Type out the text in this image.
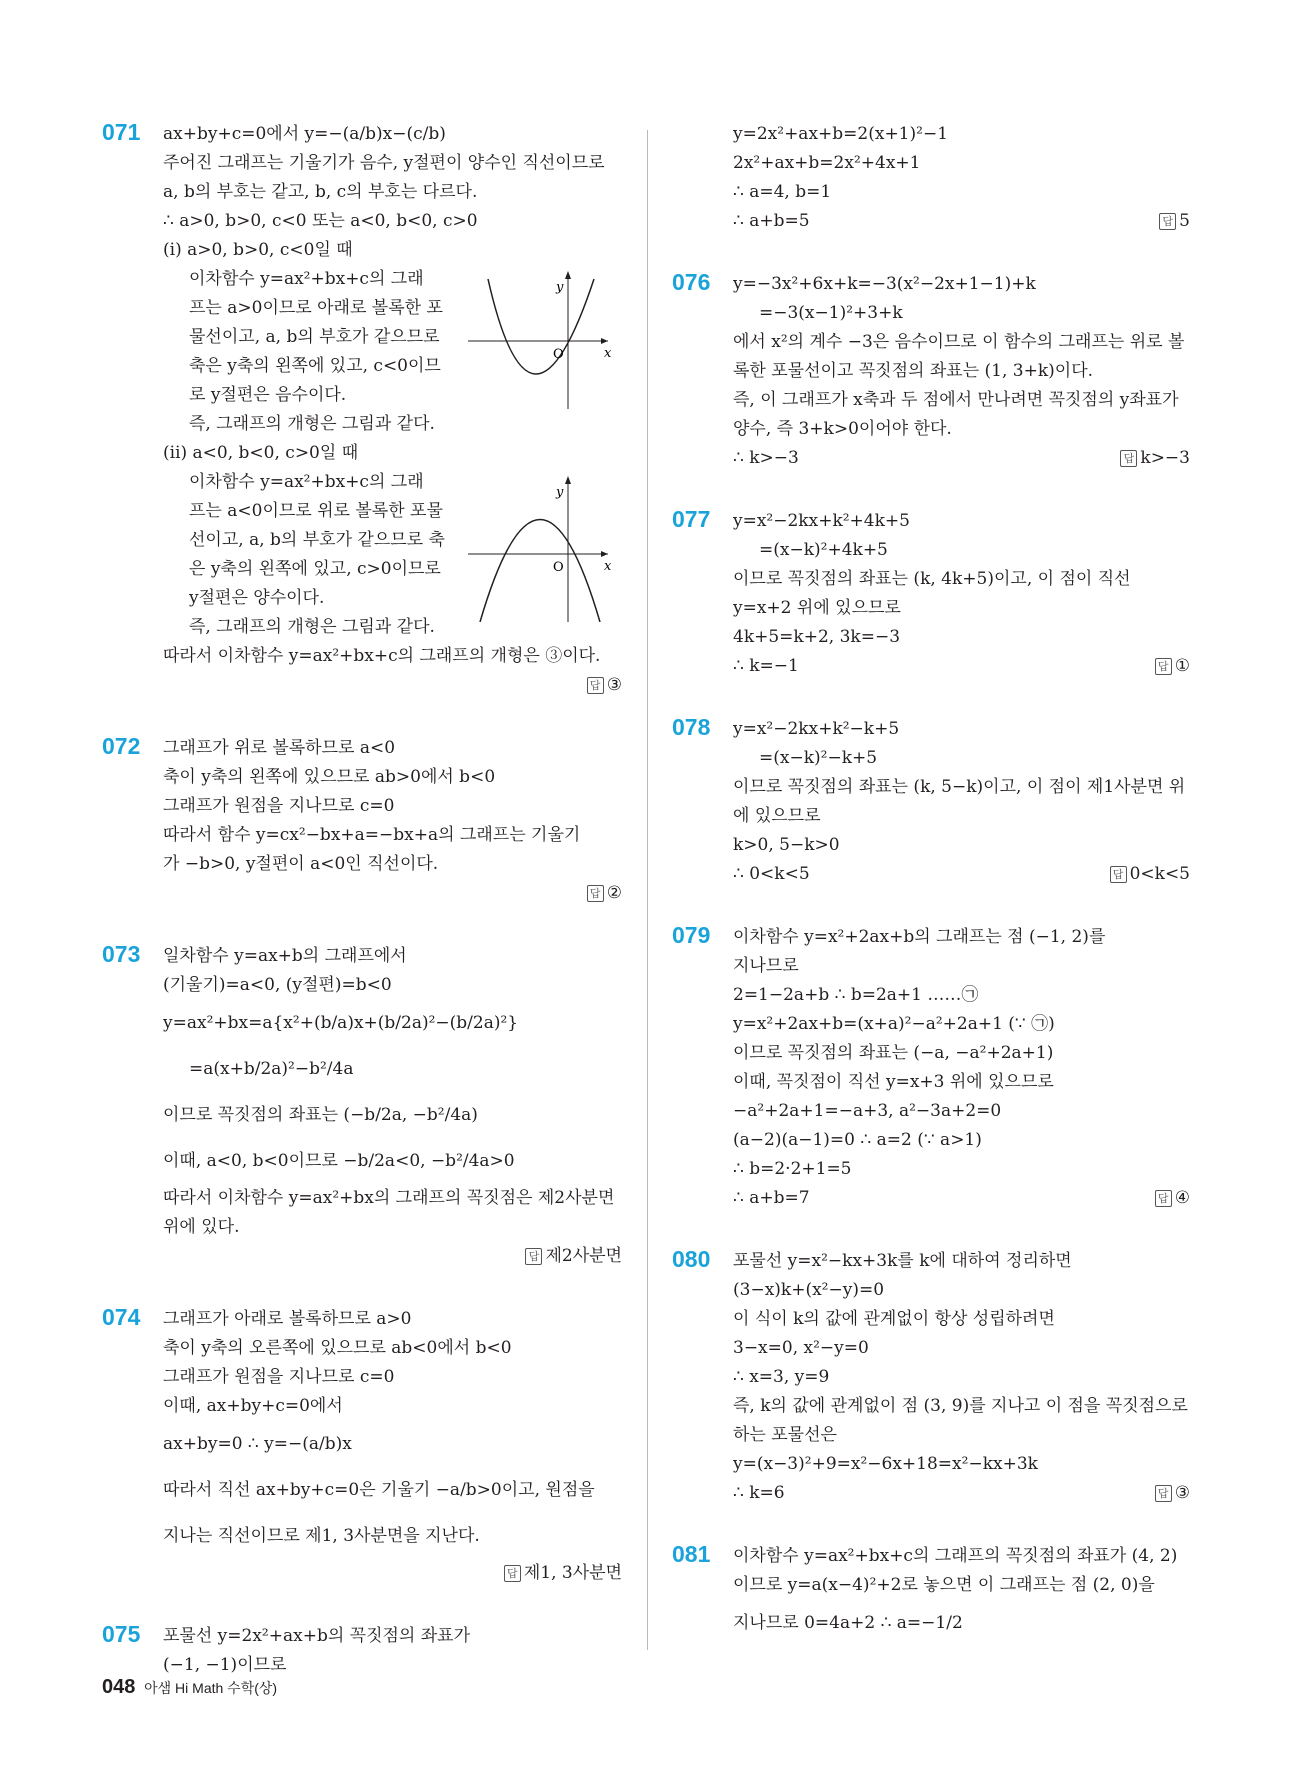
071 ax+by+c=0에서 y=−(a/b)x−(c/b)
주어진 그래프는 기울기가 음수, y절편이 양수인 직선이므로
a, b의 부호는 같고, b, c의 부호는 다르다.
∴ a>0, b>0, c<0 또는 a<0, b<0, c>0
(ⅰ) a>0, b>0, c<0일 때
이차함수 y=ax²+bx+c의 그래
프는 a>0이므로 아래로 볼록한 포
물선이고, a, b의 부호가 같으므로
축은 y축의 왼쪽에 있고, c<0이므
로 y절편은 음수이다.
즉, 그래프의 개형은 그림과 같다.
y
x
O
(ⅱ) a<0, b<0, c>0일 때
이차함수 y=ax²+bx+c의 그래
프는 a<0이므로 위로 볼록한 포물
선이고, a, b의 부호가 같으므로 축
은 y축의 왼쪽에 있고, c>0이므로
y절편은 양수이다.
즉, 그래프의 개형은 그림과 같다.
y
x
O
따라서 이차함수 y=ax²+bx+c의 그래프의 개형은 ③이다.
답 ③
072 그래프가 위로 볼록하므로 a<0
축이 y축의 왼쪽에 있으므로 ab>0에서 b<0
그래프가 원점을 지나므로 c=0
따라서 함수 y=cx²−bx+a=−bx+a의 그래프는 기울기
가 −b>0, y절편이 a<0인 직선이다.
답 ②
073 일차함수 y=ax+b의 그래프에서
(기울기)=a<0, (y절편)=b<0
y=ax²+bx=a{x²+(b/a)x+(b/2a)²−(b/2a)²}
=a(x+b/2a)²−b²/4a
이므로 꼭짓점의 좌표는 (−b/2a, −b²/4a)
이때, a<0, b<0이므로 −b/2a<0, −b²/4a>0
따라서 이차함수 y=ax²+bx의 그래프의 꼭짓점은 제2사분면
위에 있다.
답 제2사분면
074 그래프가 아래로 볼록하므로 a>0
축이 y축의 오른쪽에 있으므로 ab<0에서 b<0
그래프가 원점을 지나므로 c=0
이때, ax+by+c=0에서
ax+by=0 ∴ y=−(a/b)x
따라서 직선 ax+by+c=0은 기울기 −a/b>0이고, 원점을
지나는 직선이므로 제1, 3사분면을 지난다.
답 제1, 3사분면
075 포물선 y=2x²+ax+b의 꼭짓점의 좌표가
(−1, −1)이므로
y=2x²+ax+b=2(x+1)²−1
2x²+ax+b=2x²+4x+1
∴ a=4, b=1
∴ a+b=5	답 5
076 y=−3x²+6x+k=−3(x²−2x+1−1)+k
=−3(x−1)²+3+k
에서 x²의 계수 −3은 음수이므로 이 함수의 그래프는 위로 볼
록한 포물선이고 꼭짓점의 좌표는 (1, 3+k)이다.
즉, 이 그래프가 x축과 두 점에서 만나려면 꼭짓점의 y좌표가
양수, 즉 3+k>0이어야 한다.
∴ k>−3	답 k>−3
077 y=x²−2kx+k²+4k+5
=(x−k)²+4k+5
이므로 꼭짓점의 좌표는 (k, 4k+5)이고, 이 점이 직선
y=x+2 위에 있으므로
4k+5=k+2, 3k=−3
∴ k=−1	답 ①
078 y=x²−2kx+k²−k+5
=(x−k)²−k+5
이므로 꼭짓점의 좌표는 (k, 5−k)이고, 이 점이 제1사분면 위
에 있으므로
k>0, 5−k>0
∴ 0<k<5	답 0<k<5
079 이차함수 y=x²+2ax+b의 그래프는 점 (−1, 2)를
지나므로
2=1−2a+b ∴ b=2a+1 ……㉠
y=x²+2ax+b=(x+a)²−a²+2a+1 (∵ ㉠)
이므로 꼭짓점의 좌표는 (−a, −a²+2a+1)
이때, 꼭짓점이 직선 y=x+3 위에 있으므로
−a²+2a+1=−a+3, a²−3a+2=0
(a−2)(a−1)=0 ∴ a=2 (∵ a>1)
∴ b=2·2+1=5
∴ a+b=7	답 ④
080 포물선 y=x²−kx+3k를 k에 대하여 정리하면
(3−x)k+(x²−y)=0
이 식이 k의 값에 관계없이 항상 성립하려면
3−x=0, x²−y=0
∴ x=3, y=9
즉, k의 값에 관계없이 점 (3, 9)를 지나고 이 점을 꼭짓점으로
하는 포물선은
y=(x−3)²+9=x²−6x+18=x²−kx+3k
∴ k=6	답 ③
081 이차함수 y=ax²+bx+c의 그래프의 꼭짓점의 좌표가 (4, 2)
이므로 y=a(x−4)²+2로 놓으면 이 그래프는 점 (2, 0)을
지나므로 0=4a+2 ∴ a=−1/2
048 아샘 Hi Math 수학(상)
